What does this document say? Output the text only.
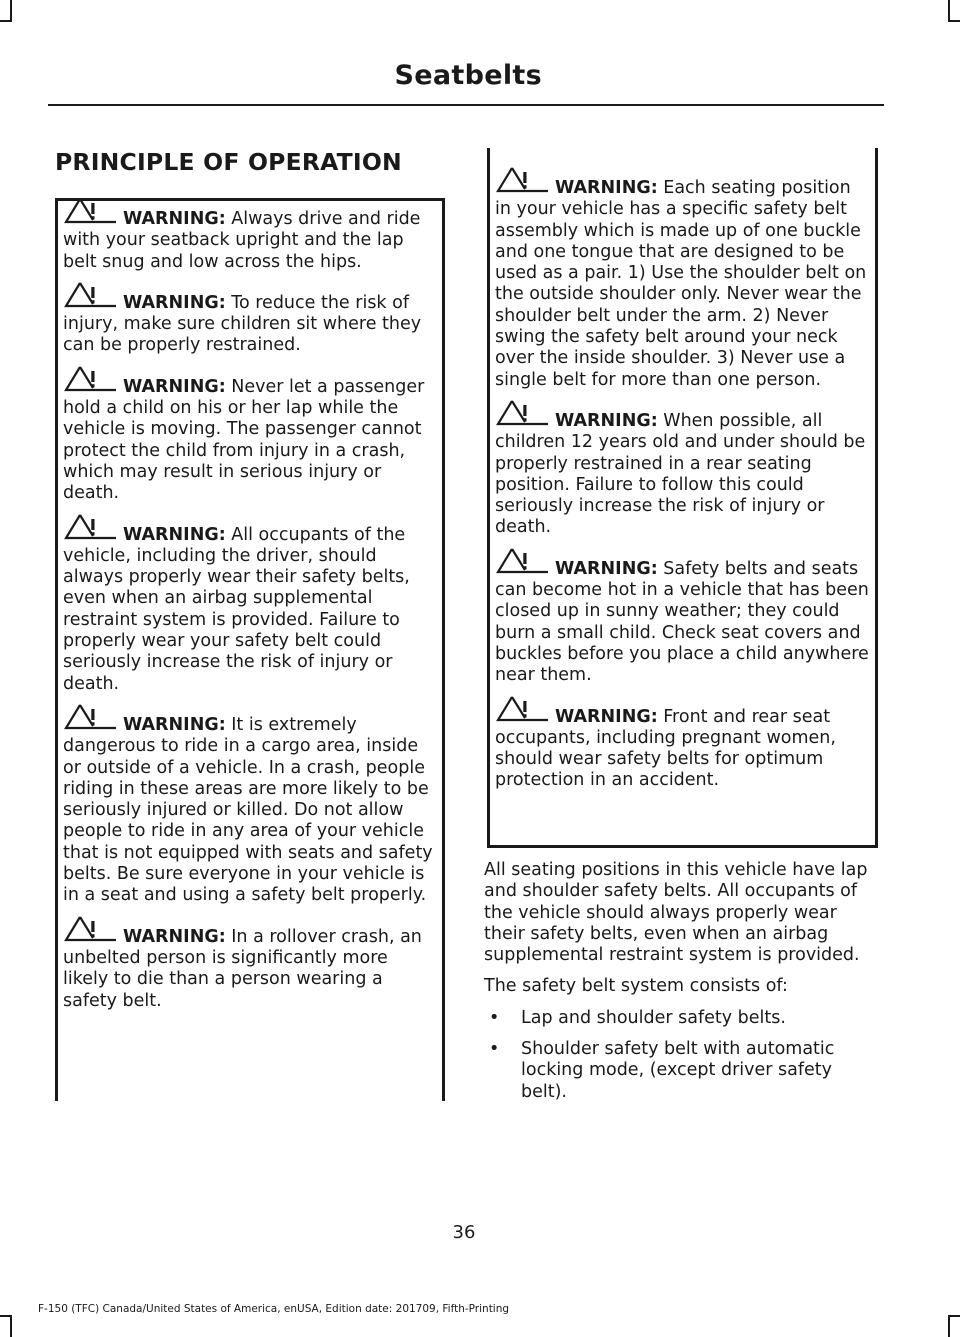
Seatbelts
PRINCIPLE OF OPERATION
WARNING: Always drive and ride with your seatback upright and the lap belt snug and low across the hips.
WARNING: To reduce the risk of injury, make sure children sit where they can be properly restrained.
WARNING: Never let a passenger hold a child on his or her lap while the vehicle is moving. The passenger cannot protect the child from injury in a crash, which may result in serious injury or death.
WARNING: All occupants of the vehicle, including the driver, should always properly wear their safety belts, even when an airbag supplemental restraint system is provided. Failure to properly wear your safety belt could seriously increase the risk of injury or death.
WARNING: It is extremely dangerous to ride in a cargo area, inside or outside of a vehicle. In a crash, people riding in these areas are more likely to be seriously injured or killed. Do not allow people to ride in any area of your vehicle that is not equipped with seats and safety belts. Be sure everyone in your vehicle is in a seat and using a safety belt properly.
WARNING: In a rollover crash, an unbelted person is significantly more likely to die than a person wearing a safety belt.
WARNING: Each seating position in your vehicle has a specific safety belt assembly which is made up of one buckle and one tongue that are designed to be used as a pair. 1) Use the shoulder belt on the outside shoulder only. Never wear the shoulder belt under the arm. 2) Never swing the safety belt around your neck over the inside shoulder. 3) Never use a single belt for more than one person.
WARNING: When possible, all children 12 years old and under should be properly restrained in a rear seating position. Failure to follow this could seriously increase the risk of injury or death.
WARNING: Safety belts and seats can become hot in a vehicle that has been closed up in sunny weather; they could burn a small child. Check seat covers and buckles before you place a child anywhere near them.
WARNING: Front and rear seat occupants, including pregnant women, should wear safety belts for optimum protection in an accident.

All seating positions in this vehicle have lap and shoulder safety belts. All occupants of the vehicle should always properly wear their safety belts, even when an airbag supplemental restraint system is provided.

The safety belt system consists of:

• Lap and shoulder safety belts.
• Shoulder safety belt with automatic locking mode, (except driver safety belt).
36
F-150 (TFC) Canada/United States of America, enUSA, Edition date: 201709, Fifth-Printing
